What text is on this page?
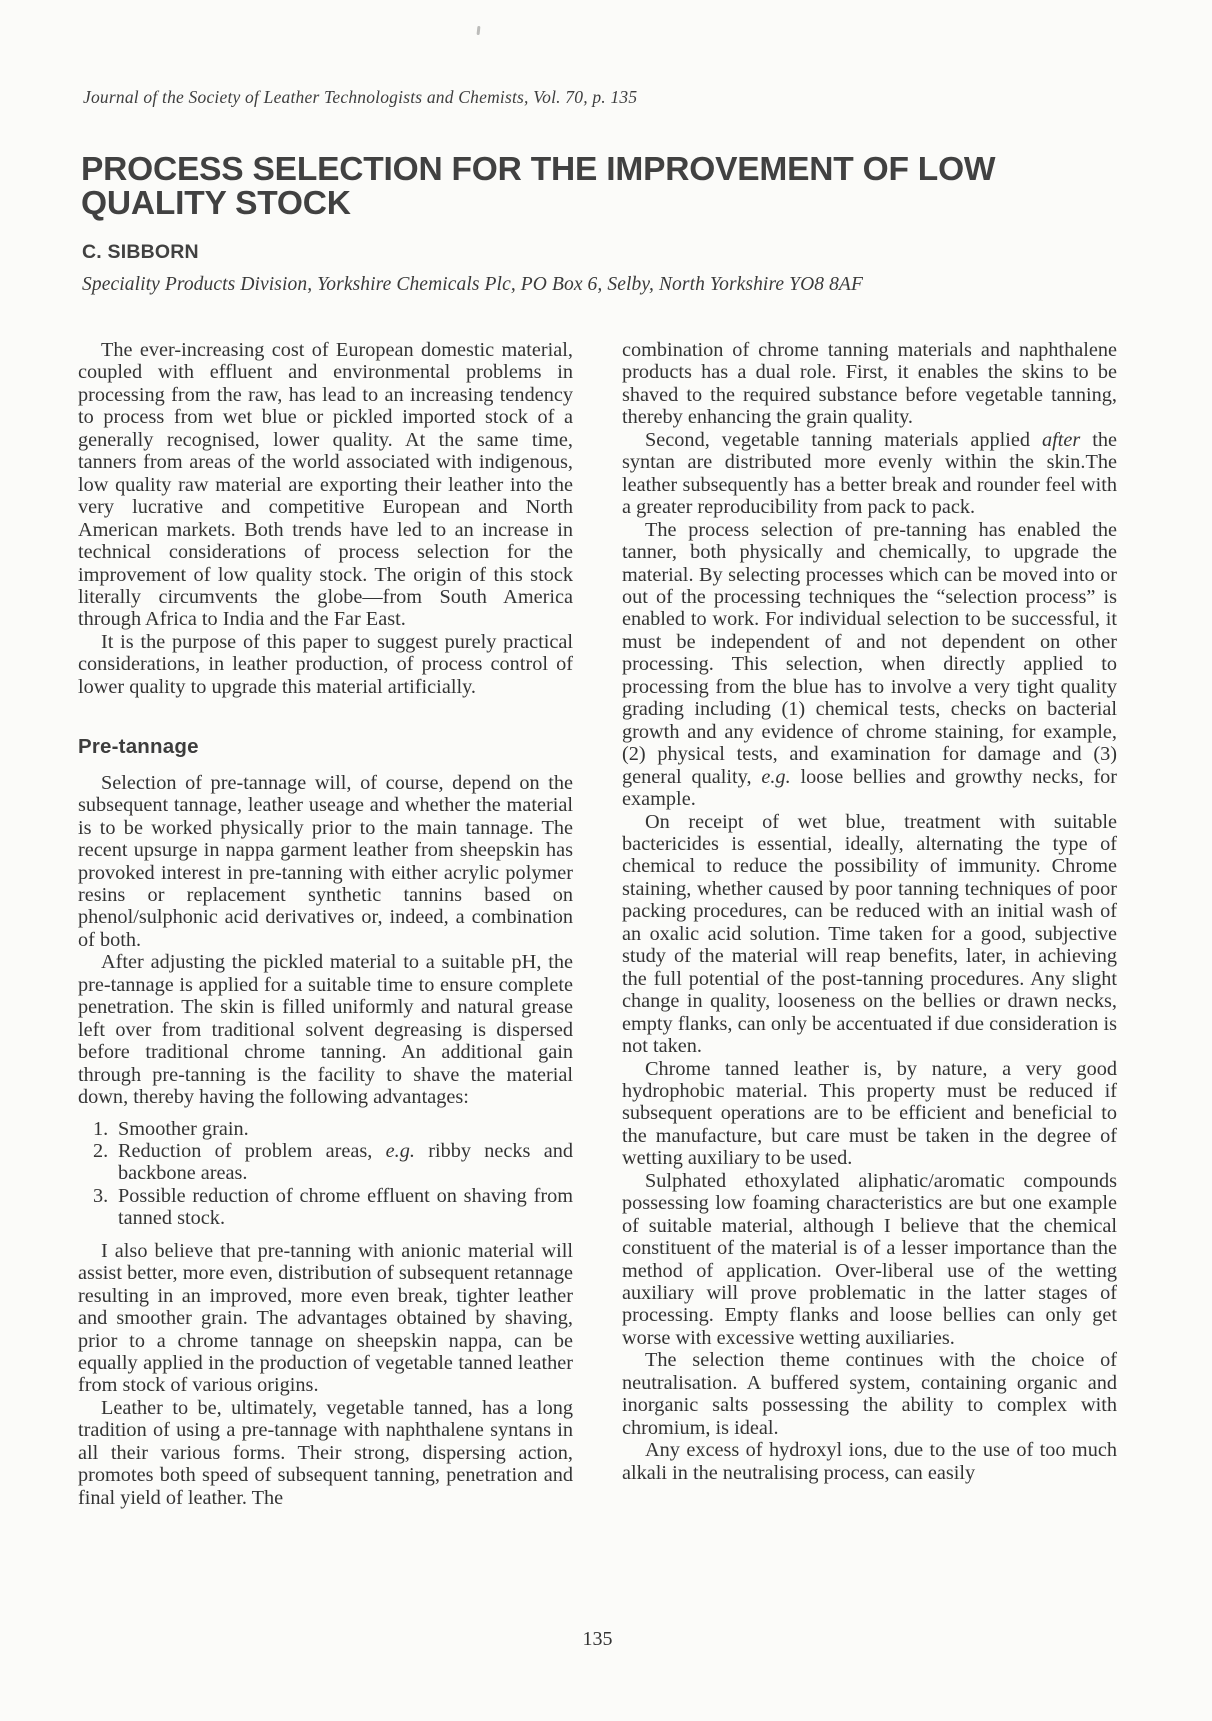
Journal of the Society of Leather Technologists and Chemists, Vol. 70, p. 135
PROCESS SELECTION FOR THE IMPROVEMENT OF LOW
QUALITY STOCK
C. SIBBORN
Speciality Products Division, Yorkshire Chemicals Plc, PO Box 6, Selby, North Yorkshire YO8 8AF

The ever-increasing cost of European domestic material, coupled with effluent and environmental problems in processing from the raw, has lead to an increasing tendency to process from wet blue or pickled imported stock of a generally recognised, lower quality. At the same time, tanners from areas of the world associated with indigenous, low quality raw material are exporting their leather into the very lucrative and competitive European and North American markets. Both trends have led to an increase in technical considerations of process selection for the improvement of low quality stock. The origin of this stock literally circumvents the globe—from South America through Africa to India and the Far East.

It is the purpose of this paper to suggest purely practical considerations, in leather production, of process control of lower quality to upgrade this material artificially.

Pre-tannage

Selection of pre-tannage will, of course, depend on the subsequent tannage, leather useage and whether the material is to be worked physically prior to the main tannage. The recent upsurge in nappa garment leather from sheepskin has provoked interest in pre-tanning with either acrylic polymer resins or replacement synthetic tannins based on phenol/sulphonic acid derivatives or, indeed, a combination of both.

After adjusting the pickled material to a suitable pH, the pre-tannage is applied for a suitable time to ensure complete penetration. The skin is filled uniformly and natural grease left over from traditional solvent degreasing is dispersed before traditional chrome tanning. An additional gain through pre-tanning is the facility to shave the material down, thereby having the following advantages:

1. Smoother grain.
2. Reduction of problem areas, e.g. ribby necks and backbone areas.
3. Possible reduction of chrome effluent on shaving from tanned stock.

I also believe that pre-tanning with anionic material will assist better, more even, distribution of subsequent retannage resulting in an improved, more even break, tighter leather and smoother grain. The advantages obtained by shaving, prior to a chrome tannage on sheepskin nappa, can be equally applied in the production of vegetable tanned leather from stock of various origins.

Leather to be, ultimately, vegetable tanned, has a long tradition of using a pre-tannage with naphthalene syntans in all their various forms. Their strong, dispersing action, promotes both speed of subsequent tanning, penetration and final yield of leather. The

combination of chrome tanning materials and naphthalene products has a dual role. First, it enables the skins to be shaved to the required substance before vegetable tanning, thereby enhancing the grain quality.

Second, vegetable tanning materials applied after the syntan are distributed more evenly within the skin.The leather subsequently has a better break and rounder feel with a greater reproducibility from pack to pack.

The process selection of pre-tanning has enabled the tanner, both physically and chemically, to upgrade the material. By selecting processes which can be moved into or out of the processing techniques the “selection process” is enabled to work. For individual selection to be successful, it must be independent of and not dependent on other processing. This selection, when directly applied to processing from the blue has to involve a very tight quality grading including (1) chemical tests, checks on bacterial growth and any evidence of chrome staining, for example, (2) physical tests, and examination for damage and (3) general quality, e.g. loose bellies and growthy necks, for example.

On receipt of wet blue, treatment with suitable bactericides is essential, ideally, alternating the type of chemical to reduce the possibility of immunity. Chrome staining, whether caused by poor tanning techniques of poor packing procedures, can be reduced with an initial wash of an oxalic acid solution. Time taken for a good, subjective study of the material will reap benefits, later, in achieving the full potential of the post-tanning procedures. Any slight change in quality, looseness on the bellies or drawn necks, empty flanks, can only be accentuated if due consideration is not taken.

Chrome tanned leather is, by nature, a very good hydrophobic material. This property must be reduced if subsequent operations are to be efficient and beneficial to the manufacture, but care must be taken in the degree of wetting auxiliary to be used.

Sulphated ethoxylated aliphatic/aromatic compounds possessing low foaming characteristics are but one example of suitable material, although I believe that the chemical constituent of the material is of a lesser importance than the method of application. Over-liberal use of the wetting auxiliary will prove problematic in the latter stages of processing. Empty flanks and loose bellies can only get worse with excessive wetting auxiliaries.

The selection theme continues with the choice of neutralisation. A buffered system, containing organic and inorganic salts possessing the ability to complex with chromium, is ideal.

Any excess of hydroxyl ions, due to the use of too much alkali in the neutralising process, can easily

135
